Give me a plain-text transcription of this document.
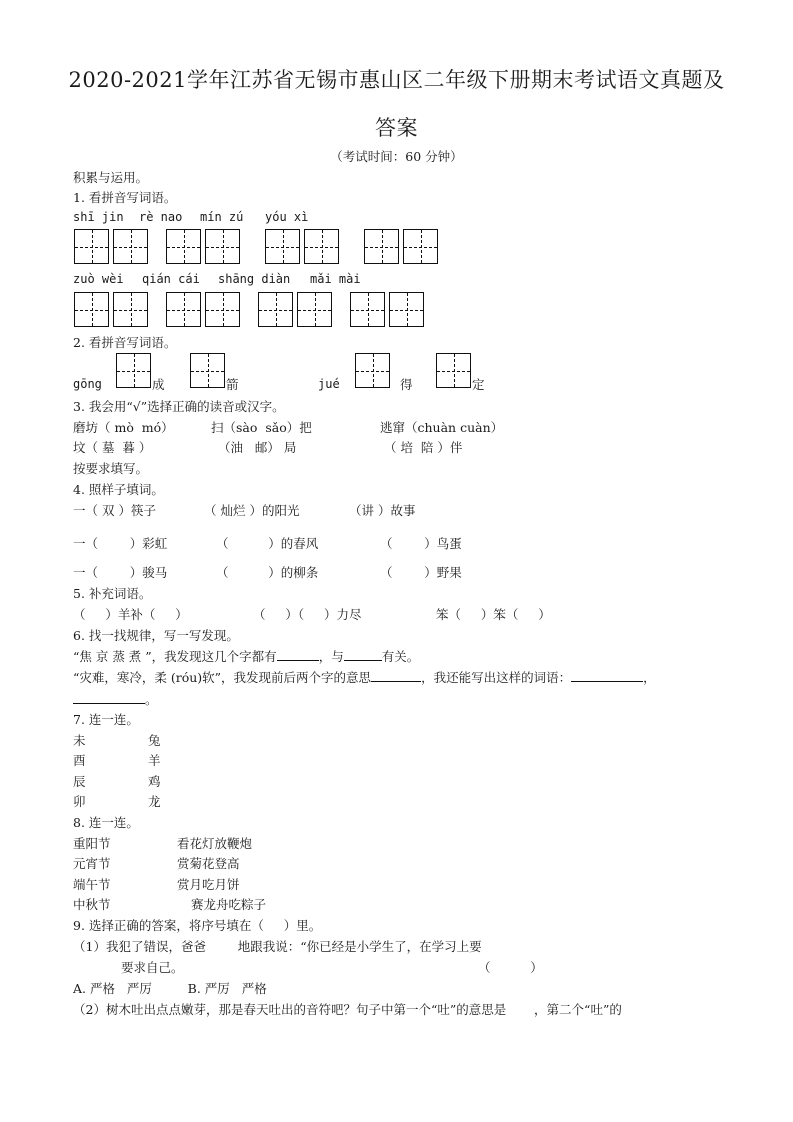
2020-2021学年江苏省无锡市惠山区二年级下册期末考试语文真题及
答案
（考试时间：60 分钟）
积累与运用。
1. 看拼音写词语。
shī jin rè nao mín zú yóu xì
zuò wèi qián cái shāng diàn mǎi mài
2. 看拼音写词语。
gōng	成	箭	jué	得	定
3. 我会用“√”选择正确的读音或汉字。
磨坊（ mò  mó）	扫（sào  sǎo）把	逃窜（chuàn cuàn）
坟（ 墓  暮 ）	（油   邮） 局	（ 培  陪 ）伴
按要求填写。
4. 照样子填词。
一（ 双 ）筷子	（ 灿烂 ）的阳光	（讲 ）故事
一（        ）彩虹	（          ）的春风	（        ）鸟蛋
一（        ）骏马	（          ）的柳条	（        ）野果
5. 补充词语。
（     ）羊补（     ）	（     ）（     ）力尽	笨（     ）笨（     ）
6. 找一找规律，写一写发现。
“焦 京 蒸 煮 ”，我发现这几个字都有	，与	有关。
“灾难，寒冷，柔 (róu)软”，我发现前后两个字的意思	，我还能写出这样的词语：	，
。
7. 连一连。
未	兔
酉	羊
辰	鸡
卯	龙
8. 连一连。
重阳节	看花灯放鞭炮
元宵节	赏菊花登高
端午节	赏月吃月饼
中秋节	赛龙舟吃粽子
9. 选择正确的答案，将序号填在（     ）里。
（1）我犯了错误，爸爸        地跟我说：“你已经是小学生了，在学习上要
要求自己。	（          ）
A. 严格   严厉         B. 严厉   严格
（2）树木吐出点点嫩芽，那是春天吐出的音符吧？句子中第一个“吐”的意思是       ，第二个“吐”的
